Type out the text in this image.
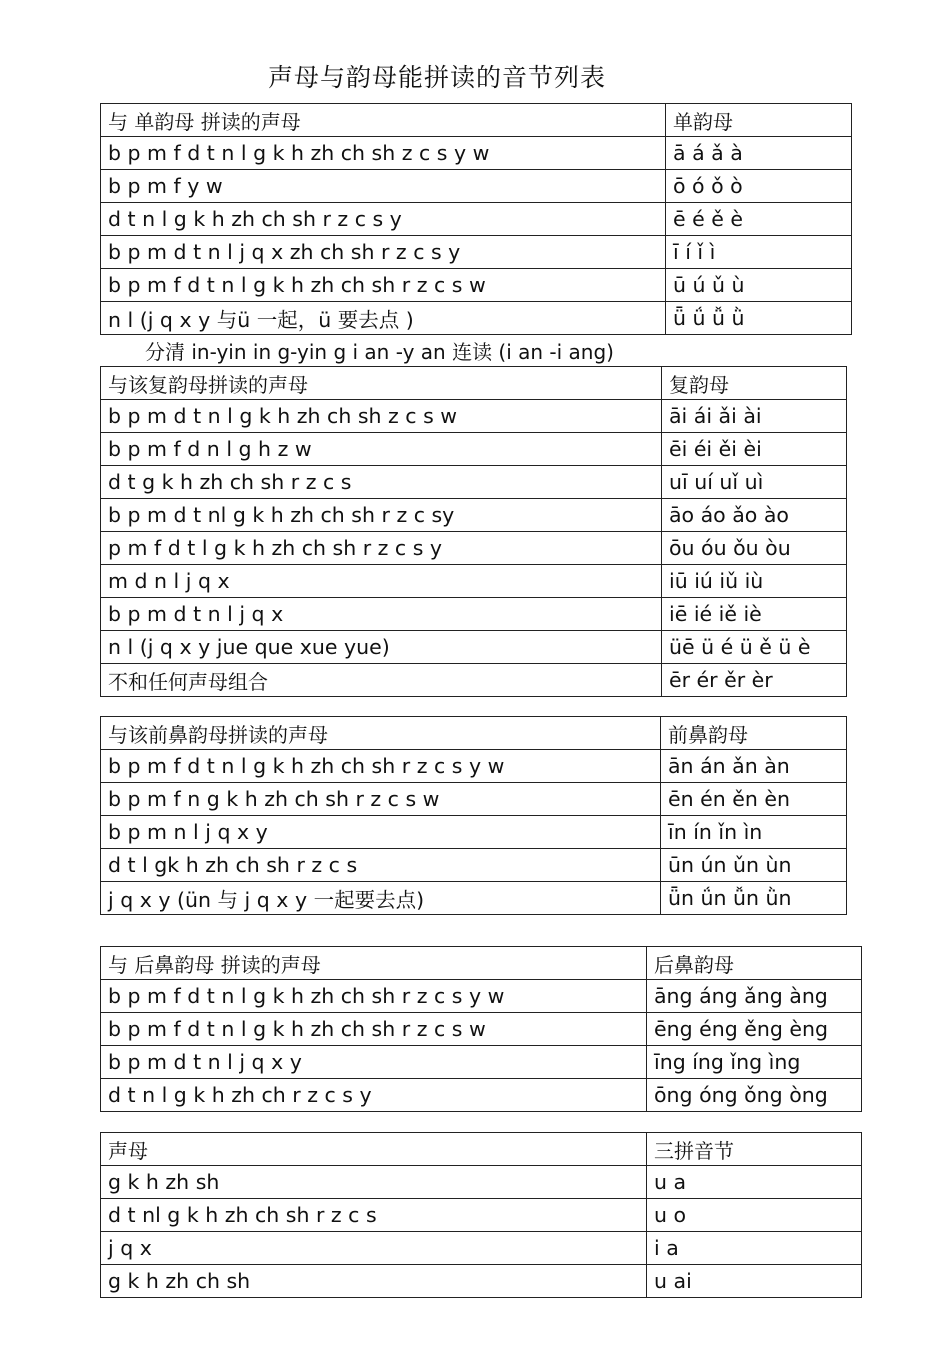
声母与韵母能拼读的音节列表
与 单韵母 拼读的声母	单韵母
b p m f d t n l g k h zh ch sh z c s y w	ā á ǎ à
b p m f y w	ō ó ǒ ò
d t n l g k h zh ch sh r z c s y	ē é ě è
b p m d t n l j q x zh ch sh r z c s y	ī í ǐ ì
b p m f d t n l g k h zh ch sh r z c s w	ū ú ǔ ù
n l (j q x y 与ü 一起，ü 要去点 )	ǖ ǘ ǚ ǜ
分清 in-yin in g-yin g i an -y an 连读 (i an -i ang)
与该复韵母拼读的声母	复韵母
b p m d t n l g k h zh ch sh z c s w	āi ái ǎi ài
b p m f d n l g h z w	ēi éi ěi èi
d t g k h zh ch sh r z c s	uī uí uǐ uì
b p m d t nl g k h zh ch sh r z c sy	āo áo ǎo ào
p m f d t l g k h zh ch sh r z c s y	ōu óu ǒu òu
m d n l j q x	iū iú iǔ iù
b p m d t n l j q x	iē ié iě iè
n l (j q x y jue que xue yue)	üē ü é ü ě ü è
不和任何声母组合	ēr ér ěr èr
与该前鼻韵母拼读的声母	前鼻韵母
b p m f d t n l g k h zh ch sh r z c s y w	ān án ǎn àn
b p m f n g k h zh ch sh r z c s w	ēn én ěn èn
b p m n l j q x y	īn ín ǐn ìn
d t l gk h zh ch sh r z c s	ūn ún ǔn ùn
j q x y (ün 与 j q x y 一起要去点)	ǖn ǘn ǚn ǜn
与 后鼻韵母 拼读的声母	后鼻韵母
b p m f d t n l g k h zh ch sh r z c s y w	āng áng ǎng àng
b p m f d t n l g k h zh ch sh r z c s w	ēng éng ěng èng
b p m d t n l j q x y	īng íng ǐng ìng
d t n l g k h zh ch r z c s y	ōng óng ǒng òng
声母	三拼音节
g k h zh sh	u a
d t nl g k h zh ch sh r z c s	u o
j q x	i a
g k h zh ch sh	u ai
